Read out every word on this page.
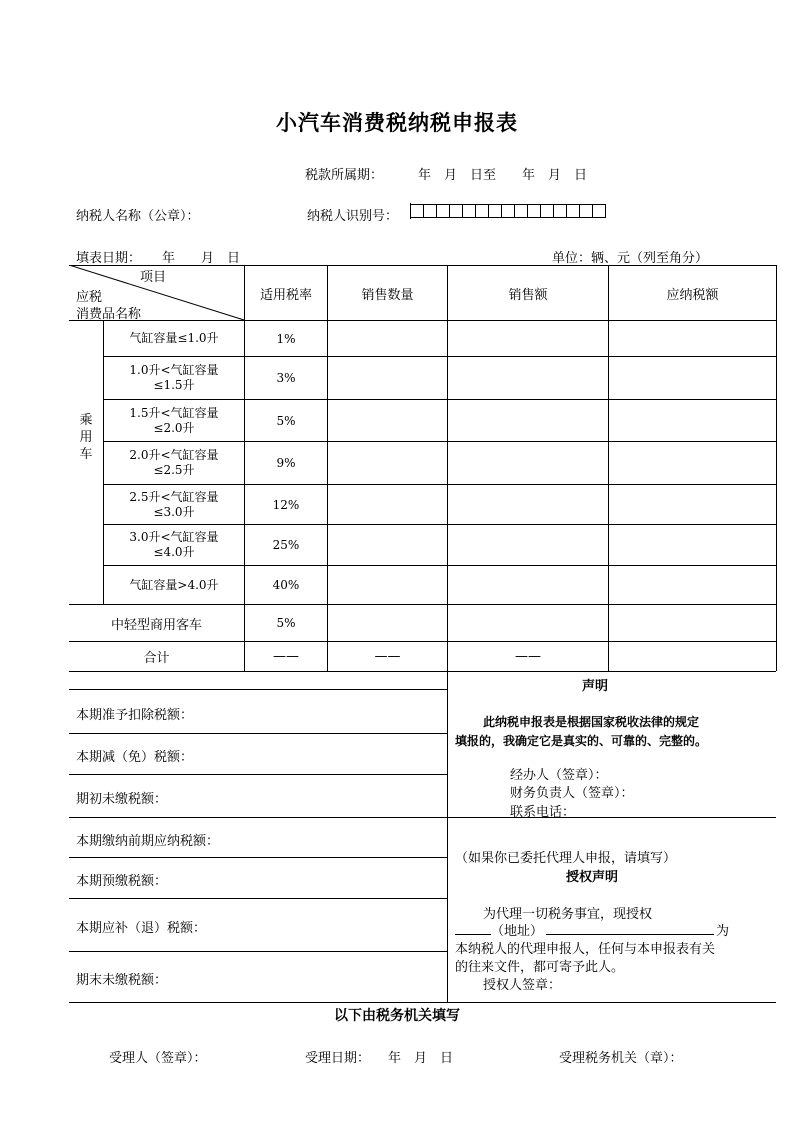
小汽车消费税纳税申报表
税款所属期：	年　月　日至　　年　月　日
纳税人名称（公章）：	纳税人识别号：
填表日期： 年　　月　日	单位：辆、元（列至角分）
项目
应税
消费品名称
适用税率	销售数量	销售额	应纳税额
乘用车
气缸容量≤1.0升	1%
1.0升<气缸容量
≤1.5升	3%
1.5升<气缸容量
≤2.0升	5%
2.0升<气缸容量
≤2.5升	9%
2.5升<气缸容量
≤3.0升	12%
3.0升<气缸容量
≤4.0升	25%
气缸容量>4.0升	40%
中轻型商用客车	5%
合计	——	——	——
本期准予扣除税额：
本期减（免）税额：
期初未缴税额：
本期缴纳前期应纳税额：
本期预缴税额：
本期应补（退）税额：
期末未缴税额：
声明
此纳税申报表是根据国家税收法律的规定
填报的，我确定它是真实的、可靠的、完整的。
经办人（签章）：
财务负责人（签章）：
联系电话：
（如果你已委托代理人申报，请填写）
授权声明
为代理一切税务事宜，现授权
（地址）	为
本纳税人的代理申报人，任何与本申报表有关
的往来文件，都可寄予此人。
授权人签章：
以下由税务机关填写
受理人（签章）：	受理日期： 年　月　日	受理税务机关（章）：
